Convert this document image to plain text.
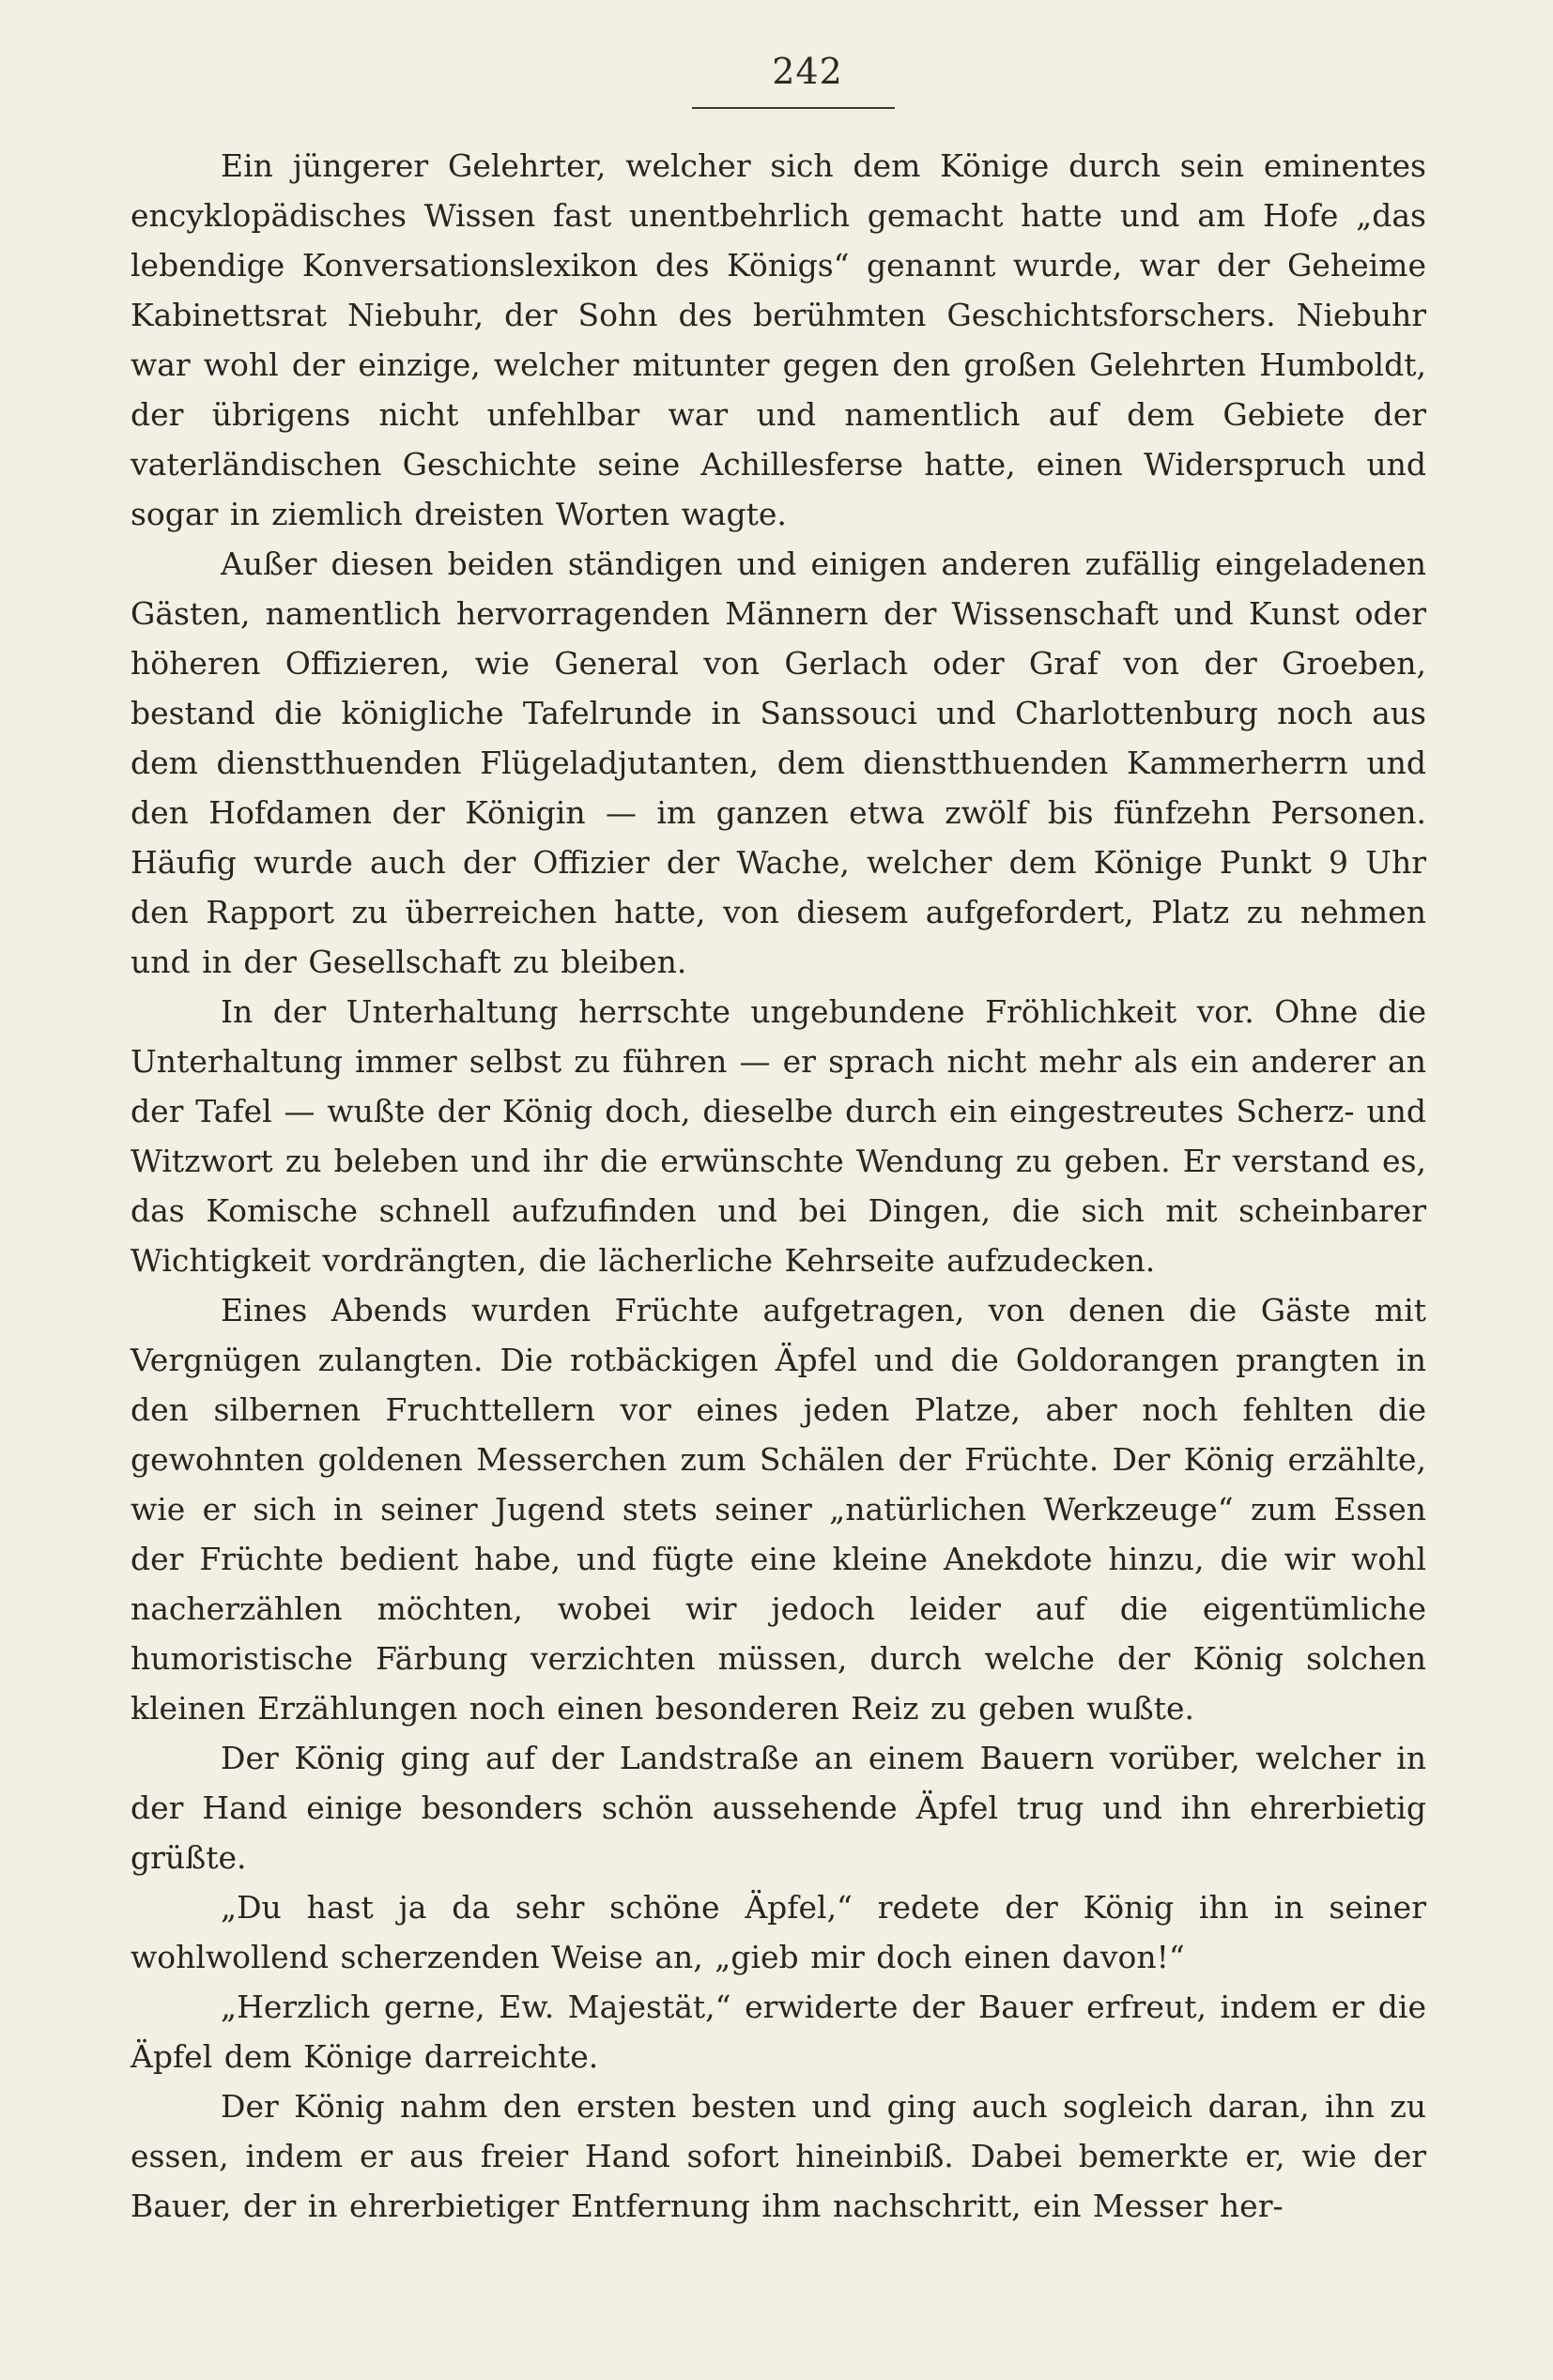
242

Ein jüngerer Gelehrter, welcher sich dem Könige durch sein eminentes encyklopädisches Wissen fast unentbehrlich gemacht hatte und am Hofe „das lebendige Konversationslexikon des Königs“ genannt wurde, war der Geheime Kabinettsrat Niebuhr, der Sohn des berühmten Geschichtsforschers. Niebuhr war wohl der einzige, welcher mitunter gegen den großen Gelehrten Humboldt, der übrigens nicht unfehlbar war und namentlich auf dem Gebiete der vaterländischen Geschichte seine Achillesferse hatte, einen Widerspruch und sogar in ziemlich dreisten Worten wagte.

Außer diesen beiden ständigen und einigen anderen zufällig eingeladenen Gästen, namentlich hervorragenden Männern der Wissenschaft und Kunst oder höheren Offizieren, wie General von Gerlach oder Graf von der Groeben, bestand die königliche Tafelrunde in Sanssouci und Charlottenburg noch aus dem dienstthuenden Flügeladjutanten, dem dienstthuenden Kammerherrn und den Hofdamen der Königin — im ganzen etwa zwölf bis fünfzehn Personen. Häufig wurde auch der Offizier der Wache, welcher dem Könige Punkt 9 Uhr den Rapport zu überreichen hatte, von diesem aufgefordert, Platz zu nehmen und in der Gesellschaft zu bleiben.

In der Unterhaltung herrschte ungebundene Fröhlichkeit vor. Ohne die Unterhaltung immer selbst zu führen — er sprach nicht mehr als ein anderer an der Tafel — wußte der König doch, dieselbe durch ein eingestreutes Scherz- und Witzwort zu beleben und ihr die erwünschte Wendung zu geben. Er verstand es, das Komische schnell aufzufinden und bei Dingen, die sich mit scheinbarer Wichtigkeit vordrängten, die lächerliche Kehrseite aufzudecken.

Eines Abends wurden Früchte aufgetragen, von denen die Gäste mit Vergnügen zulangten. Die rotbäckigen Äpfel und die Goldorangen prangten in den silbernen Fruchttellern vor eines jeden Platze, aber noch fehlten die gewohnten goldenen Messerchen zum Schälen der Früchte. Der König erzählte, wie er sich in seiner Jugend stets seiner „natürlichen Werkzeuge“ zum Essen der Früchte bedient habe, und fügte eine kleine Anekdote hinzu, die wir wohl nacherzählen möchten, wobei wir jedoch leider auf die eigentümliche humoristische Färbung verzichten müssen, durch welche der König solchen kleinen Erzählungen noch einen besonderen Reiz zu geben wußte.

Der König ging auf der Landstraße an einem Bauern vorüber, welcher in der Hand einige besonders schön aussehende Äpfel trug und ihn ehrerbietig grüßte.

„Du hast ja da sehr schöne Äpfel,“ redete der König ihn in seiner wohlwollend scherzenden Weise an, „gieb mir doch einen davon!“

„Herzlich gerne, Ew. Majestät,“ erwiderte der Bauer erfreut, indem er die Äpfel dem Könige darreichte.

Der König nahm den ersten besten und ging auch sogleich daran, ihn zu essen, indem er aus freier Hand sofort hineinbiß. Dabei bemerkte er, wie der Bauer, der in ehrerbietiger Entfernung ihm nachschritt, ein Messer her-
